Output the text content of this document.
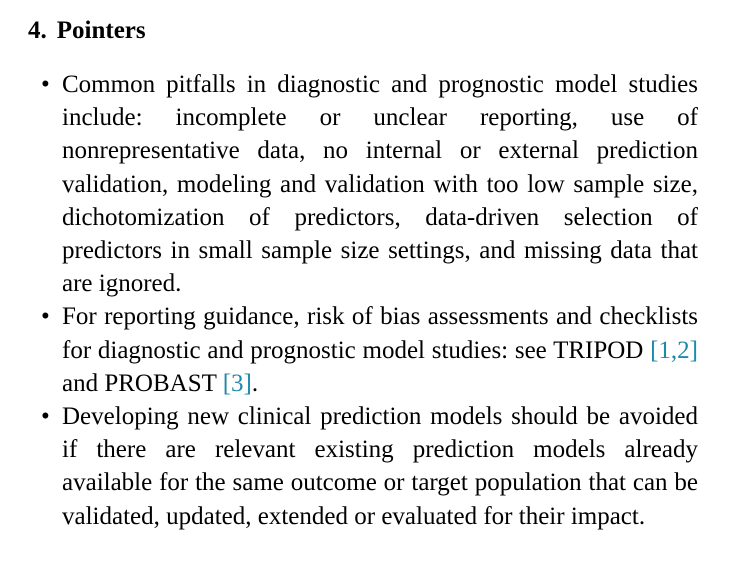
4. Pointers
• Common pitfalls in diagnostic and prognostic model studies include: incomplete or unclear reporting, use of nonrepresentative data, no internal or external prediction validation, modeling and validation with too low sample size, dichotomization of predictors, data-driven selection of predictors in small sample size settings, and missing data that are ignored.
• For reporting guidance, risk of bias assessments and checklists for diagnostic and prognostic model studies: see TRIPOD [1,2] and PROBAST [3].
• Developing new clinical prediction models should be avoided if there are relevant existing prediction models already available for the same outcome or target population that can be validated, updated, extended or evaluated for their impact.
